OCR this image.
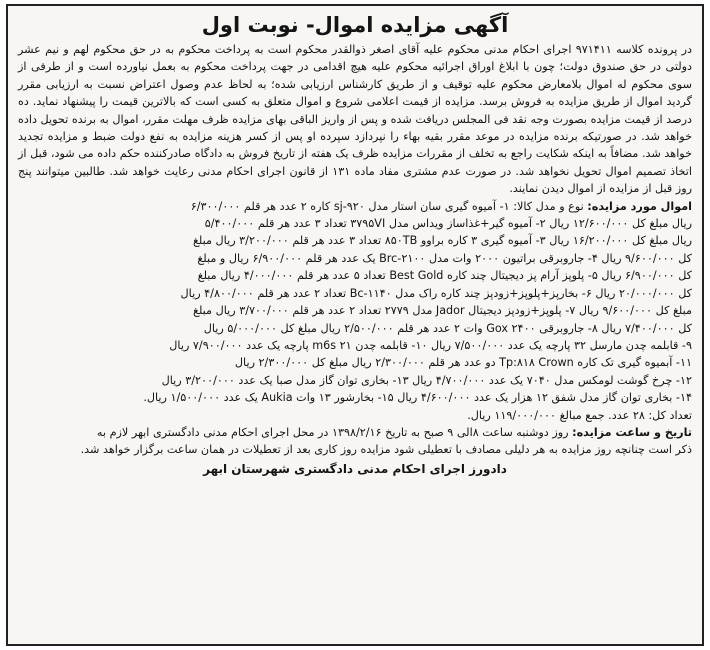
آگهی مزایده اموال- نوبت اول

در پرونده کلاسه ۹۷۱۴۱۱ اجرای احکام مدنی محکوم علیه آقای اصغر ذوالقدر محکوم است به پرداخت محکوم به در حق محکوم لهم و نیم عشر دولتی در حق صندوق دولت؛ چون با ابلاغ اوراق اجرائیه محکوم علیه هیچ اقدامی در جهت پرداخت محکوم به بعمل نیاورده است و از طرفی از سوی محکوم له اموال بلامعارض محکوم علیه توقیف و از طریق کارشناس ارزیابی شده؛ به لحاظ عدم وصول اعتراض نسبت به ارزیابی مقرر گردید اموال از طریق مزایده به فروش برسد. مزایده از قیمت اعلامی شروع و اموال متعلق به کسی است که بالاترین قیمت را پیشنهاد نماید. ده درصد از قیمت مزایده بصورت وجه نقد فی المجلس دریافت شده و پس از واریز الباقی بهای مزایده ظرف مهلت مقرر، اموال به برنده تحویل داده خواهد شد. در صورتیکه برنده مزایده در موعد مقرر بقیه بهاء را نپردازد سپرده او پس از کسر هزینه مزایده به نفع دولت ضبط و مزایده تجدید خواهد شد. مضافاً به اینکه شکایت راجع به تخلف از مقررات مزایده ظرف یک هفته از تاریخ فروش به دادگاه صادرکننده حکم داده می شود، قبل از اتخاذ تصمیم اموال تحویل نخواهد شد. در صورت عدم مشتری مفاد ماده ۱۳۱ از قانون اجرای احکام مدنی رعایت خواهد شد. طالبین میتوانند پنج روز قبل از مزایده از اموال دیدن نمایند.

اموال مورد مزایده: نوع و مدل کالا: ۱- آمیوه گیری سان استار مدل sj-۹۲۰ کاره ۲ عدد هر قلم ۶/۳۰۰/۰۰۰
ریال مبلغ کل ۱۲/۶۰۰/۰۰۰ ریال ۲- آمیوه گیر+غذاساز ویداس مدل ۳۷۹۵VI تعداد ۳ عدد هر قلم ۵/۴۰۰/۰۰۰
ریال مبلغ کل ۱۶/۲۰۰/۰۰۰ ریال ۳- آمیوه گیری ۳ کاره براوو ۸۵۰TB تعداد ۳ عدد هر قلم ۳/۲۰۰/۰۰۰ ریال مبلغ
کل ۹/۶۰۰/۰۰۰ ریال ۴- جاروبرقی براتیون ۲۰۰۰ وات مدل Brc-۲۱۰۰ یک عدد هر قلم ۶/۹۰۰/۰۰۰ ریال و مبلغ
کل ۶/۹۰۰/۰۰۰ ریال ۵- پلوپز آرام پز دیجیتال چند کاره Best Gold تعداد ۵ عدد هر قلم ۴/۰۰۰/۰۰۰ ریال مبلغ
کل ۲۰/۰۰۰/۰۰۰ ریال ۶- بخارپز+پلوپز+زودپز چند کاره راک مدل Bc-۱۱۴۰ تعداد ۲ عدد هر قلم ۴/۸۰۰/۰۰۰ ریال
مبلغ کل ۹/۶۰۰/۰۰۰ ریال ۷- پلوپز+زودپز دیجیتال Jador مدل ۲۷۷۹ تعداد ۲ عدد هر قلم ۳/۷۰۰/۰۰۰ ریال مبلغ
کل ۷/۴۰۰/۰۰۰ ریال ۸- جاروبرقی Gox ۲۴۰۰ وات ۲ عدد هر قلم ۲/۵۰۰/۰۰۰ ریال مبلغ کل ۵/۰۰۰/۰۰۰ ریال
۹- قابلمه چدن مارسل ۳۲ پارچه یک عدد ۷/۵۰۰/۰۰۰ ریال ۱۰- قابلمه چدن m6s ۲۱ پارچه یک عدد ۷/۹۰۰/۰۰۰ ریال
۱۱- آبمیوه گیری تک کاره Tp:۸۱۸ Crown دو عدد هر قلم ۲/۳۰۰/۰۰۰ ریال مبلغ کل ۲/۳۰۰/۰۰۰ ریال
۱۲- چرخ گوشت لومکس مدل ۷۰۴۰ یک عدد ۴/۷۰۰/۰۰۰ ریال ۱۳- بخاری توان گاز مدل صبا یک عدد ۳/۲۰۰/۰۰۰ ریال
۱۴- بخاری توان گاز مدل شفق ۱۲ هزار یک عدد ۴/۶۰۰/۰۰۰ ریال ۱۵- بخارشور ۱۳ وات Aukia یک عدد ۱/۵۰۰/۰۰۰ ریال.
تعداد کل: ۲۸ عدد. جمع مبالغ ۱۱۹/۰۰۰/۰۰۰ ریال.

تاریخ و ساعت مزایده: روز دوشنبه ساعت ۸الی ۹ صبح به تاریخ ۱۳۹۸/۲/۱۶ در محل اجرای احکام مدنی دادگستری ابهر لازم به

ذکر است چنانچه روز مزایده به هر دلیلی مصادف با تعطیلی شود مزایده روز کاری بعد از تعطیلات در همان ساعت برگزار خواهد شد.

دادورز اجرای احکام مدنی دادگستری شهرستان ابهر
